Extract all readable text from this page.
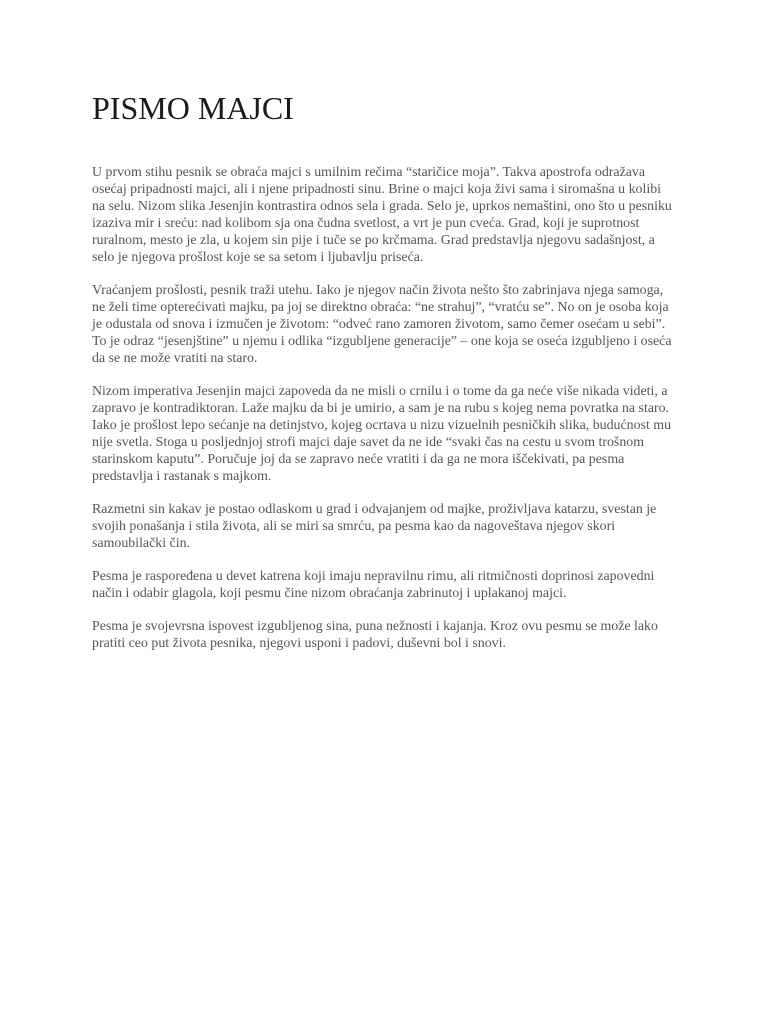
PISMO MAJCI

U prvom stihu pesnik se obraća majci s umilnim rečima “staričice moja”. Takva apostrofa odražava osećaj pripadnosti majci, ali i njene pripadnosti sinu. Brine o majci koja živi sama i siromašna u kolibi na selu. Nizom slika Jesenjin kontrastira odnos sela i grada. Selo je, uprkos nemaštini, ono što u pesniku izaziva mir i sreću: nad kolibom sja ona čudna svetlost, a vrt je pun cveća. Grad, koji je suprotnost ruralnom, mesto je zla, u kojem sin pije i tuče se po krčmama. Grad predstavlja njegovu sadašnjost, a selo je njegova prošlost koje se sa setom i ljubavlju priseća.

Vraćanjem prošlosti, pesnik traži utehu. Iako je njegov način života nešto što zabrinjava njega samoga, ne želi time opterećivati majku, pa joj se direktno obraća: “ne strahuj”, “vratću se”. No on je osoba koja je odustala od snova i izmučen je životom: “odveć rano zamoren životom, samo čemer osećam u sebi”. To je odraz “jesenjštine” u njemu i odlika “izgubljene generacije” – one koja se oseća izgubljeno i oseća da se ne može vratiti na staro.

Nizom imperativa Jesenjin majci zapoveda da ne misli o crnilu i o tome da ga neće više nikada videti, a zapravo je kontradiktoran. Laže majku da bi je umirio, a sam je na rubu s kojeg nema povratka na staro. Iako je prošlost lepo sećanje na detinjstvo, kojeg ocrtava u nizu vizuelnih pesničkih slika, budućnost mu nije svetla. Stoga u posljednjoj strofi majci daje savet da ne ide “svaki čas na cestu u svom trošnom starinskom kaputu”. Poručuje joj da se zapravo neće vratiti i da ga ne mora iščekivati, pa pesma predstavlja i rastanak s majkom.

Razmetni sin kakav je postao odlaskom u grad i odvajanjem od majke, proživljava katarzu, svestan je svojih ponašanja i stila života, ali se miri sa smrću, pa pesma kao da nagoveštava njegov skori samoubilački čin.

Pesma je raspoređena u devet katrena koji imaju nepravilnu rimu, ali ritmičnosti doprinosi zapovedni način i odabir glagola, koji pesmu čine nizom obraćanja zabrinutoj i uplakanoj majci.

Pesma je svojevrsna ispovest izgubljenog sina, puna nežnosti i kajanja. Kroz ovu pesmu se može lako pratiti ceo put života pesnika, njegovi usponi i padovi, duševni bol i snovi.
